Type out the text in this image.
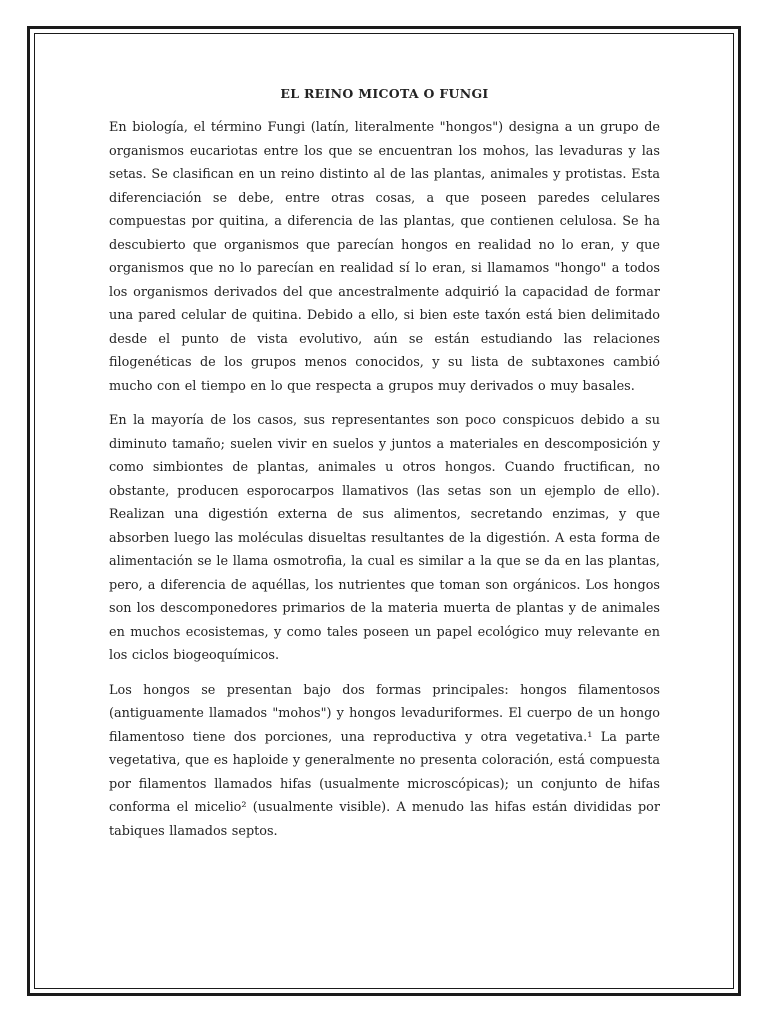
EL REINO MICOTA O FUNGI

En biología, el término Fungi (latín, literalmente "hongos") designa a un grupo de organismos eucariotas entre los que se encuentran los mohos, las levaduras y las setas. Se clasifican en un reino distinto al de las plantas, animales y protistas. Esta diferenciación se debe, entre otras cosas, a que poseen paredes celulares compuestas por quitina, a diferencia de las plantas, que contienen celulosa. Se ha descubierto que organismos que parecían hongos en realidad no lo eran, y que organismos que no lo parecían en realidad sí lo eran, si llamamos "hongo" a todos los organismos derivados del que ancestralmente adquirió la capacidad de formar una pared celular de quitina. Debido a ello, si bien este taxón está bien delimitado desde el punto de vista evolutivo, aún se están estudiando las relaciones filogenéticas de los grupos menos conocidos, y su lista de subtaxones cambió mucho con el tiempo en lo que respecta a grupos muy derivados o muy basales.

En la mayoría de los casos, sus representantes son poco conspicuos debido a su diminuto tamaño; suelen vivir en suelos y juntos a materiales en descomposición y como simbiontes de plantas, animales u otros hongos. Cuando fructifican, no obstante, producen esporocarpos llamativos (las setas son un ejemplo de ello). Realizan una digestión externa de sus alimentos, secretando enzimas, y que absorben luego las moléculas disueltas resultantes de la digestión. A esta forma de alimentación se le llama osmotrofia, la cual es similar a la que se da en las plantas, pero, a diferencia de aquéllas, los nutrientes que toman son orgánicos. Los hongos son los descomponedores primarios de la materia muerta de plantas y de animales en muchos ecosistemas, y como tales poseen un papel ecológico muy relevante en los ciclos biogeoquímicos.

Los hongos se presentan bajo dos formas principales: hongos filamentosos (antiguamente llamados "mohos") y hongos levaduriformes. El cuerpo de un hongo filamentoso tiene dos porciones, una reproductiva y otra vegetativa.¹ La parte vegetativa, que es haploide y generalmente no presenta coloración, está compuesta por filamentos llamados hifas (usualmente microscópicas); un conjunto de hifas conforma el micelio² (usualmente visible). A menudo las hifas están divididas por tabiques llamados septos.
